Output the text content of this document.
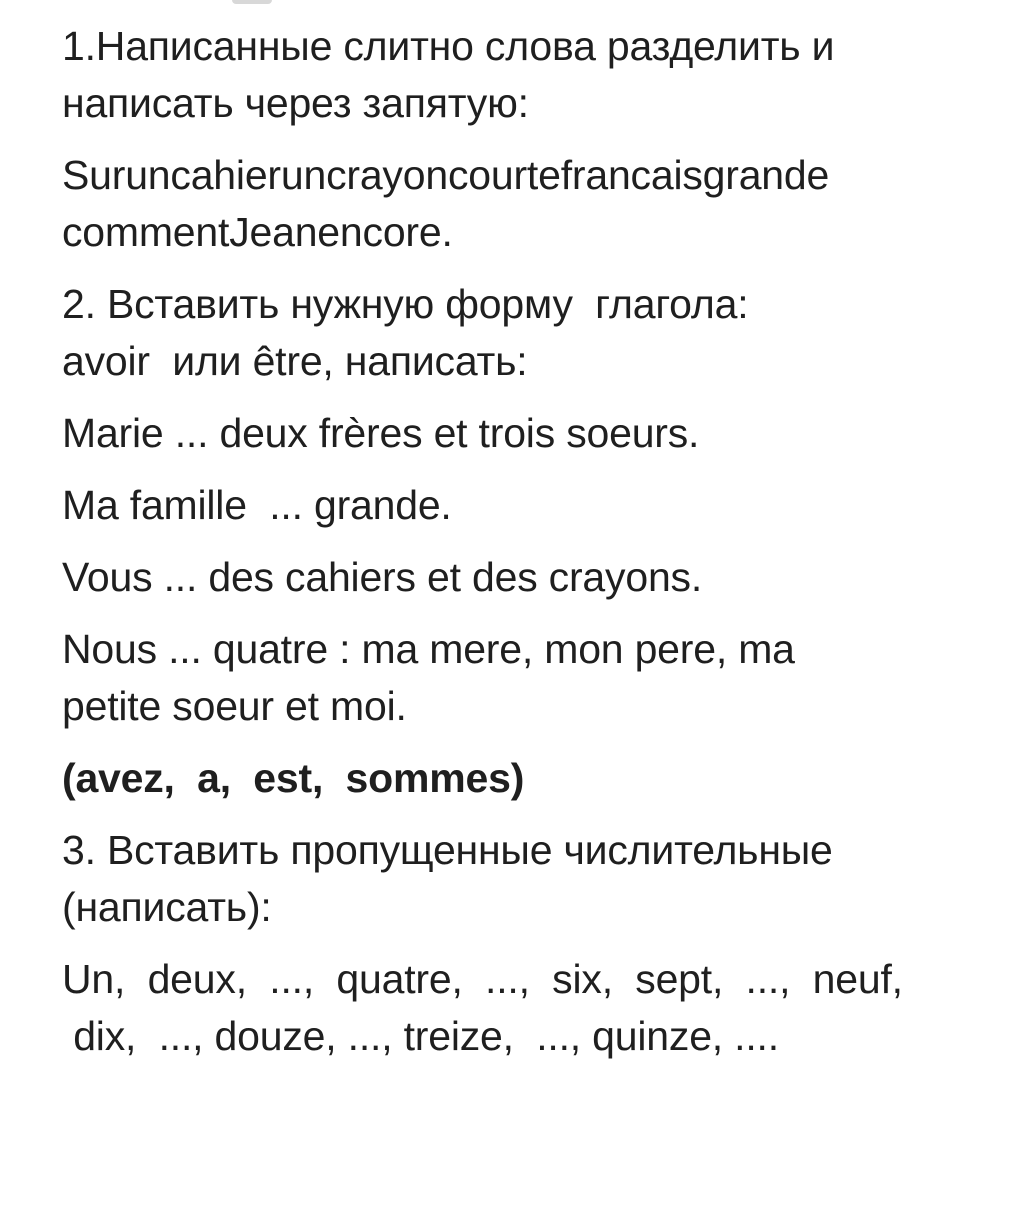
1.Написанные слитно слова разделить и
написать через запятую:
Suruncahieruncrayoncourtefrancaisgrande
commentJeanencore.
2. Вставить нужную форму  глагола:
avoir  или être, написать:
Marie ... deux frères et trois soeurs.
Ma famille  ... grande.
Vous ... des cahiers et des crayons.
Nous ... quatre : ma mere, mon pere, ma
petite soeur et moi.
(avez,  a,  est,  sommes)
3. Вставить пропущенные числительные
(написать):
Un,  deux,  ...,  quatre,  ...,  six,  sept,  ...,  neuf,
dix,  ..., douze, ..., treize,  ..., quinze, ....
